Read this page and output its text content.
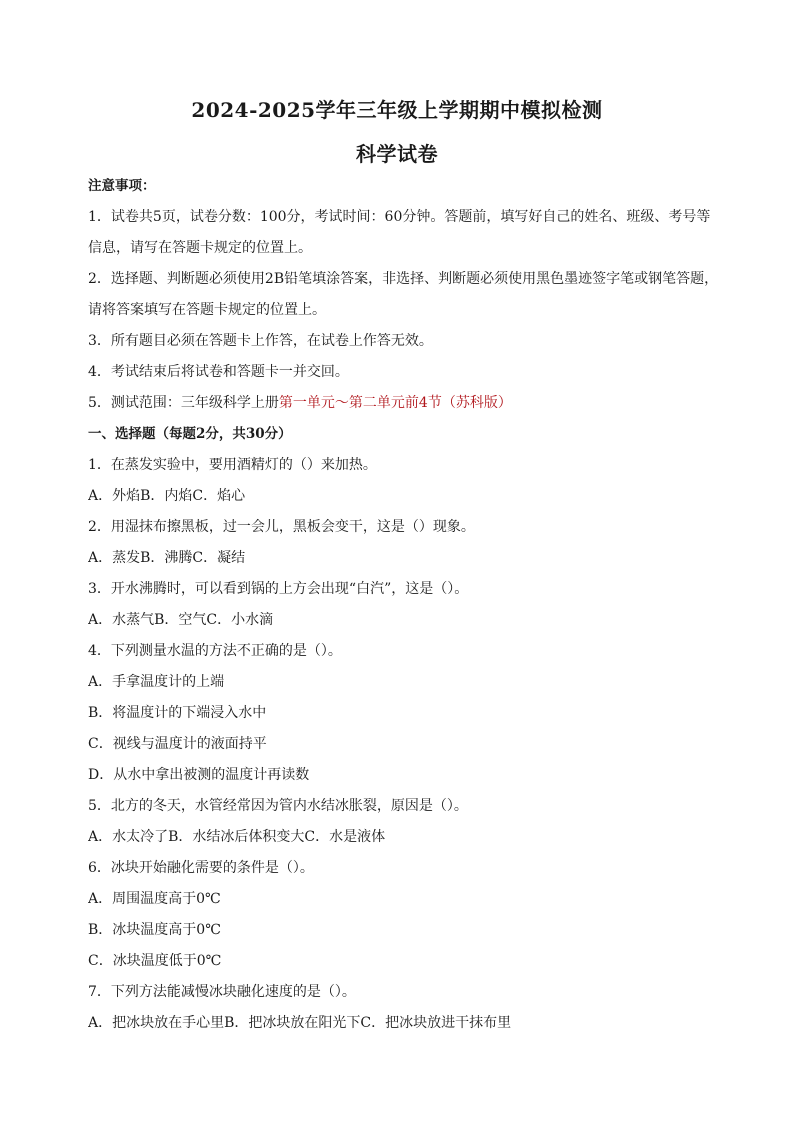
2024-2025学年三年级上学期期中模拟检测
科学试卷
注意事项：
1．试卷共5页，试卷分数：100分，考试时间：60分钟。答题前，填写好自己的姓名、班级、考号等
信息，请写在答题卡规定的位置上。
2．选择题、判断题必须使用2B铅笔填涂答案，非选择、判断题必须使用黑色墨迹签字笔或钢笔答题，
请将答案填写在答题卡规定的位置上。
3．所有题目必须在答题卡上作答，在试卷上作答无效。
4．考试结束后将试卷和答题卡一并交回。
5．测试范围：三年级科学上册第一单元～第二单元前4节（苏科版）
一、选择题（每题2分，共30分）
1．在蒸发实验中，要用酒精灯的（）来加热。
A．外焰B．内焰C．焰心
2．用湿抹布擦黑板，过一会儿，黑板会变干，这是（）现象。
A．蒸发B．沸腾C．凝结
3．开水沸腾时，可以看到锅的上方会出现“白汽”，这是（）。
A．水蒸气B．空气C．小水滴
4．下列测量水温的方法不正确的是（）。
A．手拿温度计的上端
B．将温度计的下端浸入水中
C．视线与温度计的液面持平
D．从水中拿出被测的温度计再读数
5．北方的冬天，水管经常因为管内水结冰胀裂，原因是（）。
A．水太冷了B．水结冰后体积变大C．水是液体
6．冰块开始融化需要的条件是（）。
A．周围温度高于0℃
B．冰块温度高于0℃
C．冰块温度低于0℃
7．下列方法能减慢冰块融化速度的是（）。
A．把冰块放在手心里B．把冰块放在阳光下C．把冰块放进干抹布里
